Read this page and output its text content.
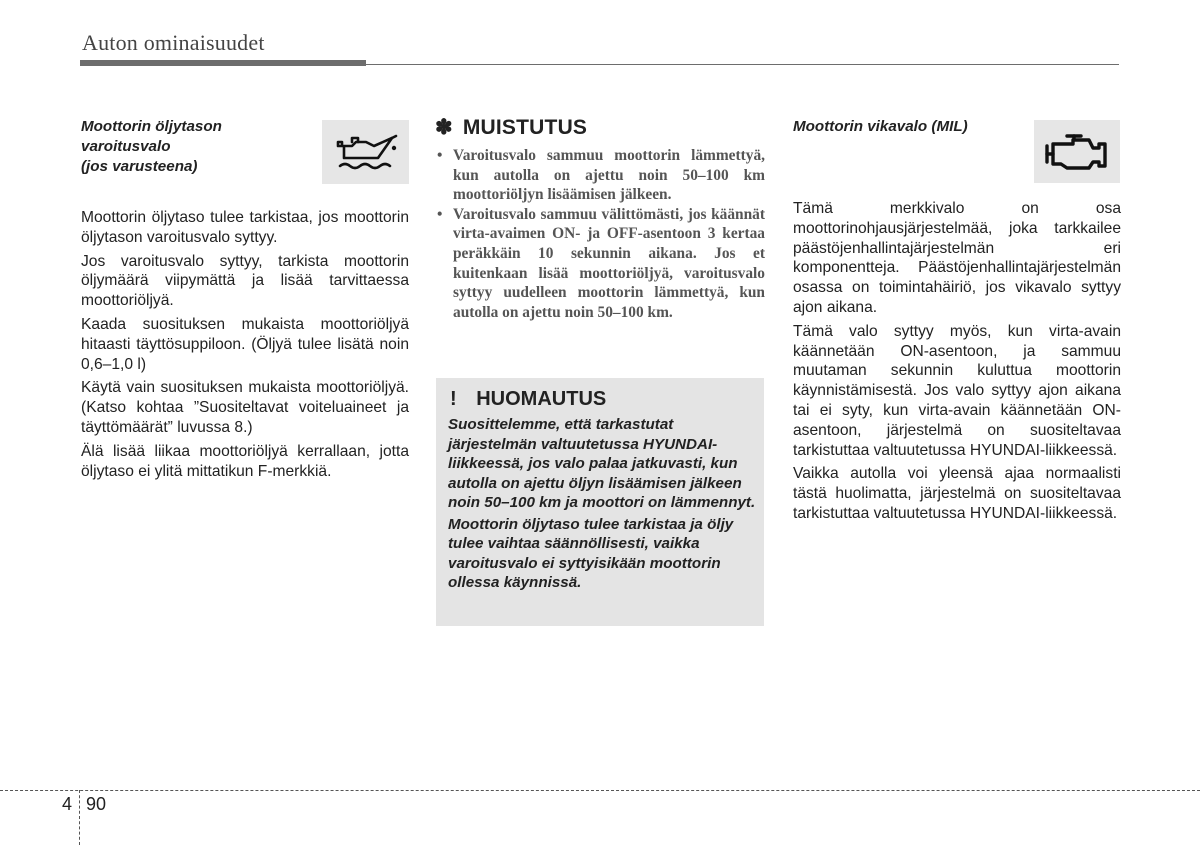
Auton ominaisuudet
Moottorin öljytason
varoitusvalo
(jos varusteena)

Moottorin öljytaso tulee tarkistaa, jos moottorin öljytason varoitusvalo syttyy.

Jos varoitusvalo syttyy, tarkista moottorin öljymäärä viipymättä ja lisää tarvittaessa moottoriöljyä.

Kaada suosituksen mukaista moottoriöljyä hitaasti täyttösuppiloon. (Öljyä tulee lisätä noin 0,6–1,0 l)

Käytä vain suosituksen mukaista moottoriöljyä. (Katso kohtaa ”Suositeltavat voiteluaineet ja täyttömäärät” luvussa 8.)

Älä lisää liikaa moottoriöljyä kerrallaan, jotta öljytaso ei ylitä mittatikun F-merkkiä.

✽ MUISTUTUS
• Varoitusvalo sammuu moottorin lämmettyä, kun autolla on ajettu noin 50–100 km moottoriöljyn lisäämisen jälkeen.
• Varoitusvalo sammuu välittömästi, jos käännät virta-avaimen ON- ja OFF-asentoon 3 kertaa peräkkäin 10 sekunnin aikana. Jos et kuitenkaan lisää moottoriöljyä, varoitusvalo syttyy uudelleen moottorin lämmettyä, kun autolla on ajettu noin 50–100 km.
! HUOMAUTUS

Suosittelemme, että tarkastutat järjestelmän valtuutetussa HYUNDAI-liikkeessä, jos valo palaa jatkuvasti, kun autolla on ajettu öljyn lisäämisen jälkeen noin 50–100 km ja moottori on lämmennyt.

Moottorin öljytaso tulee tarkistaa ja öljy tulee vaihtaa säännöllisesti, vaikka varoitusvalo ei syttyisikään moottorin ollessa käynnissä.

Moottorin vikavalo (MIL)

Tämä merkkivalo on osa moottorinohjausjärjestelmää, joka tarkkailee päästöjenhallintajärjestelmän eri komponentteja. Päästöjenhallintajärjestelmän osassa on toimintahäiriö, jos vikavalo syttyy ajon aikana.

Tämä valo syttyy myös, kun virta-avain käännetään ON-asentoon, ja sammuu muutaman sekunnin kuluttua moottorin käynnistämisestä. Jos valo syttyy ajon aikana tai ei syty, kun virta-avain käännetään ON-asentoon, järjestelmä on suositeltavaa tarkistuttaa valtuutetussa HYUNDAI-liikkeessä.

Vaikka autolla voi yleensä ajaa normaalisti tästä huolimatta, järjestelmä on suositeltavaa tarkistuttaa valtuutetussa HYUNDAI-liikkeessä.

4 90
